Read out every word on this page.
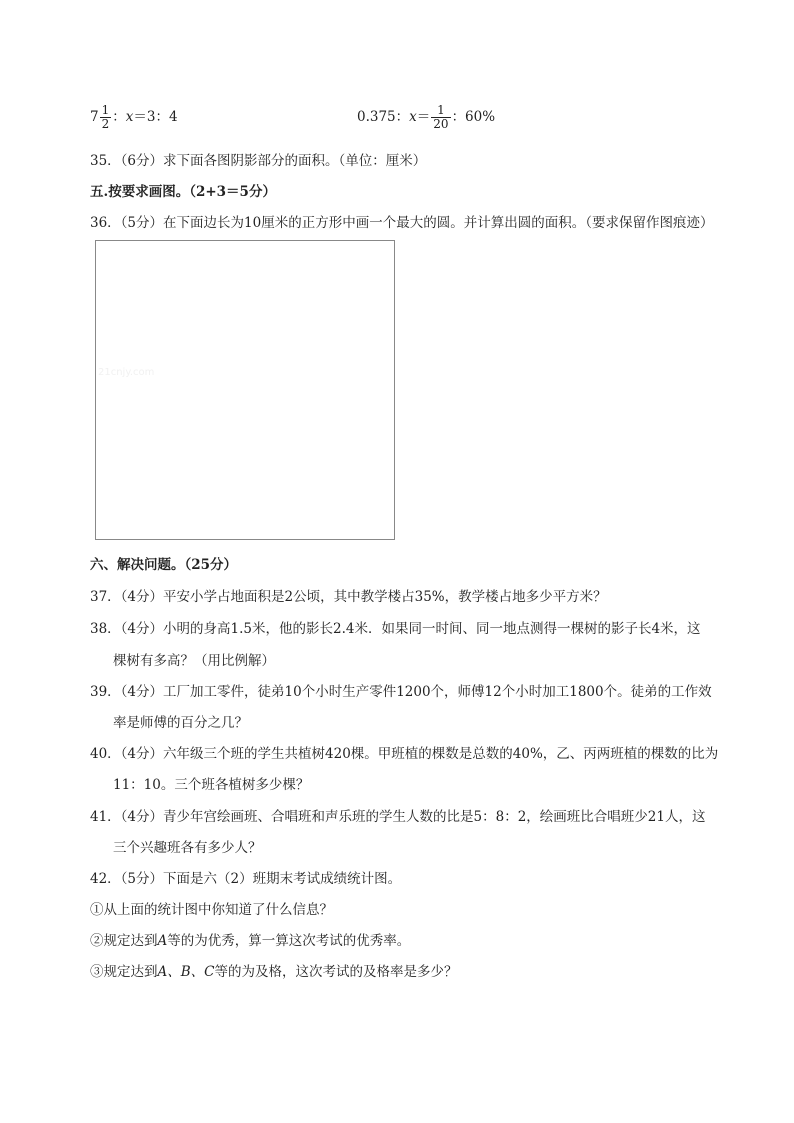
$7 \frac{1}{2}$ ：x＝3：4	0.375：$x= \frac{1}{20}$ ：60%
35．（6分）求下面各图阴影部分的面积。（单位：厘米）
五.按要求画图。（2+3＝5分）
36．（5分）在下面边长为10厘米的正方形中画一个最大的圆。并计算出圆的面积。（要求保留作图痕迹）
21cnjy.com
六、解决问题。（25分）
37．（4分）平安小学占地面积是2公顷，其中教学楼占35%，教学楼占地多少平方米？
38．（4分）小明的身高1.5米，他的影长2.4米．如果同一时间、同一地点测得一棵树的影子长4米，这
棵树有多高？（用比例解）
39．（4分）工厂加工零件，徒弟10个小时生产零件1200个，师傅12个小时加工1800个。徒弟的工作效
率是师傅的百分之几？
40．（4分）六年级三个班的学生共植树420棵。甲班植的棵数是总数的40%，乙、丙两班植的棵数的比为
11：10。三个班各植树多少棵？
41．（4分）青少年宫绘画班、合唱班和声乐班的学生人数的比是5：8：2，绘画班比合唱班少21人，这
三个兴趣班各有多少人？
42．（5分）下面是六（2）班期末考试成绩统计图。
①从上面的统计图中你知道了什么信息？
②规定达到A等的为优秀，算一算这次考试的优秀率。
③规定达到A、B、C等的为及格，这次考试的及格率是多少？
